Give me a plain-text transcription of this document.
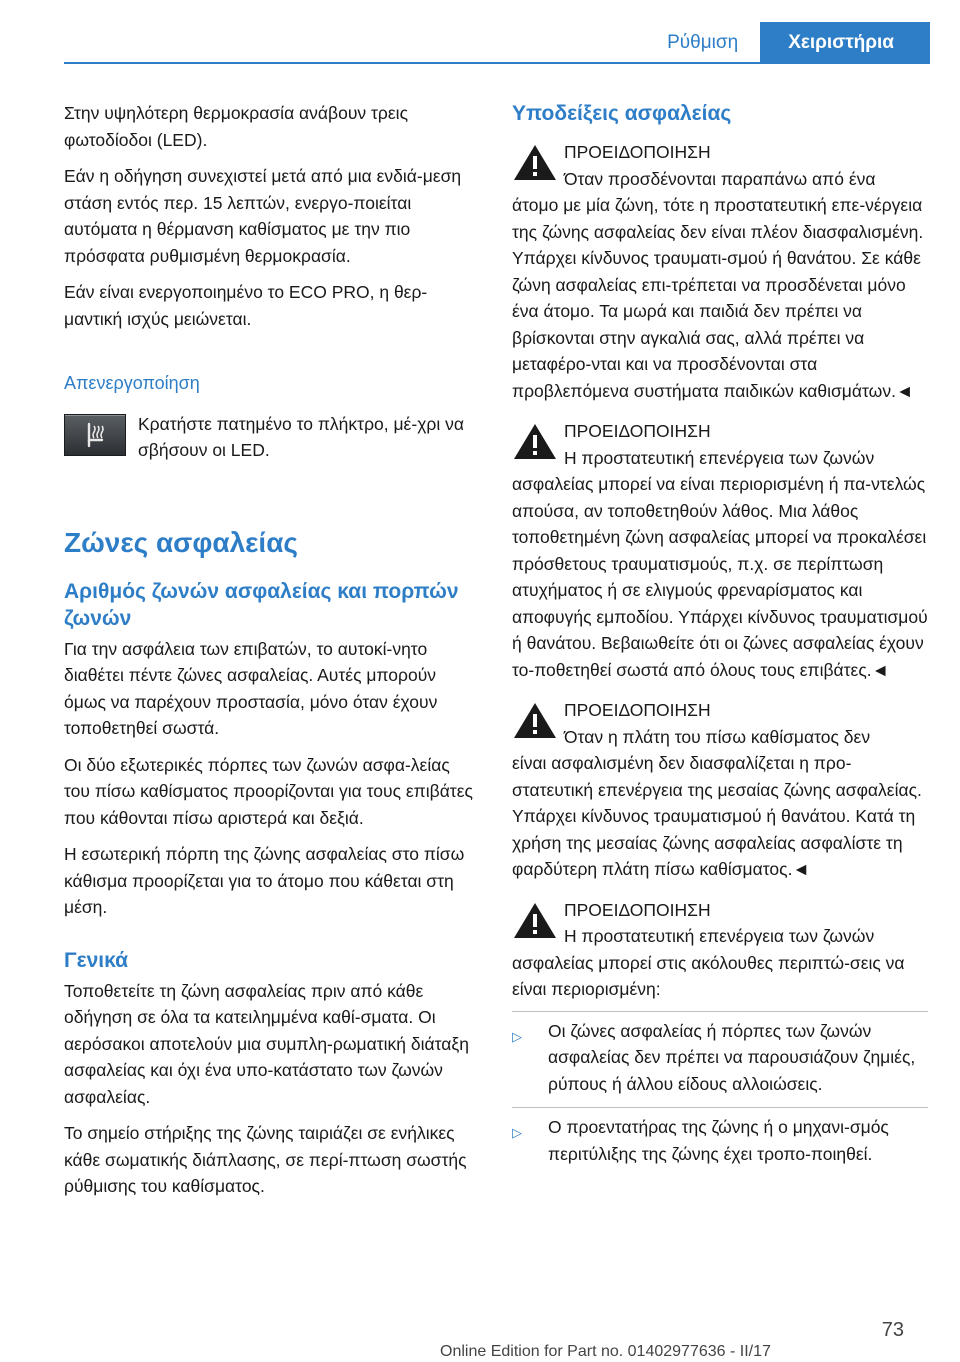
Ρύθμιση	Χειριστήρια

Στην υψηλότερη θερμοκρασία ανάβουν τρεις φωτοδίοδοι (LED).

Εάν η οδήγηση συνεχιστεί μετά από μια ενδιά-μεση στάση εντός περ. 15 λεπτών, ενεργο-ποιείται αυτόματα η θέρμανση καθίσματος με την πιο πρόσφατα ρυθμισμένη θερμοκρασία.

Εάν είναι ενεργοποιημένο το ECO PRO, η θερ-μαντική ισχύς μειώνεται.

Απενεργοποίηση
Κρατήστε πατημένο το πλήκτρο, μέ-χρι να σβήσουν οι LED.
Ζώνες ασφαλείας
Αριθμός ζωνών ασφαλείας και πορπών ζωνών

Για την ασφάλεια των επιβατών, το αυτοκί-νητο διαθέτει πέντε ζώνες ασφαλείας. Αυτές μπορούν όμως να παρέχουν προστασία, μόνο όταν έχουν τοποθετηθεί σωστά.

Οι δύο εξωτερικές πόρπες των ζωνών ασφα-λείας του πίσω καθίσματος προορίζονται για τους επιβάτες που κάθονται πίσω αριστερά και δεξιά.

Η εσωτερική πόρπη της ζώνης ασφαλείας στο πίσω κάθισμα προορίζεται για το άτομο που κάθεται στη μέση.

Γενικά

Τοποθετείτε τη ζώνη ασφαλείας πριν από κάθε οδήγηση σε όλα τα κατειλημμένα καθί-σματα. Οι αερόσακοι αποτελούν μια συμπλη-ρωματική διάταξη ασφαλείας και όχι ένα υπο-κατάστατο των ζωνών ασφαλείας.

Το σημείο στήριξης της ζώνης ταιριάζει σε ενήλικες κάθε σωματικής διάπλασης, σε περί-πτωση σωστής ρύθμισης του καθίσματος.

Υποδείξεις ασφαλείας
ΠΡΟΕΙΔΟΠΟΙΗΣΗ
Όταν προσδένονται παραπάνω από ένα
άτομο με μία ζώνη, τότε η προστατευτική επε-νέργεια της ζώνης ασφαλείας δεν είναι πλέον διασφαλισμένη. Υπάρχει κίνδυνος τραυματι-σμού ή θανάτου. Σε κάθε ζώνη ασφαλείας επι-τρέπεται να προσδένεται μόνο ένα άτομο. Τα μωρά και παιδιά δεν πρέπει να βρίσκονται στην αγκαλιά σας, αλλά πρέπει να μεταφέρο-νται και να προσδένονται στα προβλεπόμενα συστήματα παιδικών καθισμάτων.◄
ΠΡΟΕΙΔΟΠΟΙΗΣΗ
Η προστατευτική επενέργεια των ζωνών
ασφαλείας μπορεί να είναι περιορισμένη ή πα-ντελώς απούσα, αν τοποθετηθούν λάθος. Μια λάθος τοποθετημένη ζώνη ασφαλείας μπορεί να προκαλέσει πρόσθετους τραυματισμούς, π.χ. σε περίπτωση ατυχήματος ή σε ελιγμούς φρεναρίσματος και αποφυγής εμποδίου. Υπάρχει κίνδυνος τραυματισμού ή θανάτου. Βεβαιωθείτε ότι οι ζώνες ασφαλείας έχουν το-ποθετηθεί σωστά από όλους τους επιβάτες.◄
ΠΡΟΕΙΔΟΠΟΙΗΣΗ
Όταν η πλάτη του πίσω καθίσματος δεν
είναι ασφαλισμένη δεν διασφαλίζεται η προ-στατευτική επενέργεια της μεσαίας ζώνης ασφαλείας. Υπάρχει κίνδυνος τραυματισμού ή θανάτου. Κατά τη χρήση της μεσαίας ζώνης ασφαλείας ασφαλίστε τη φαρδύτερη πλάτη πίσω καθίσματος.◄
ΠΡΟΕΙΔΟΠΟΙΗΣΗ
Η προστατευτική επενέργεια των ζωνών
ασφαλείας μπορεί στις ακόλουθες περιπτώ-σεις να είναι περιορισμένη:
▷	Οι ζώνες ασφαλείας ή πόρπες των ζωνών ασφαλείας δεν πρέπει να παρουσιάζουν ζημιές, ρύπους ή άλλου είδους αλλοιώσεις.
▷	Ο προεντατήρας της ζώνης ή ο μηχανι-σμός περιτύλιξης της ζώνης έχει τροπο-ποιηθεί.
73
Online Edition for Part no. 01402977636 - II/17
